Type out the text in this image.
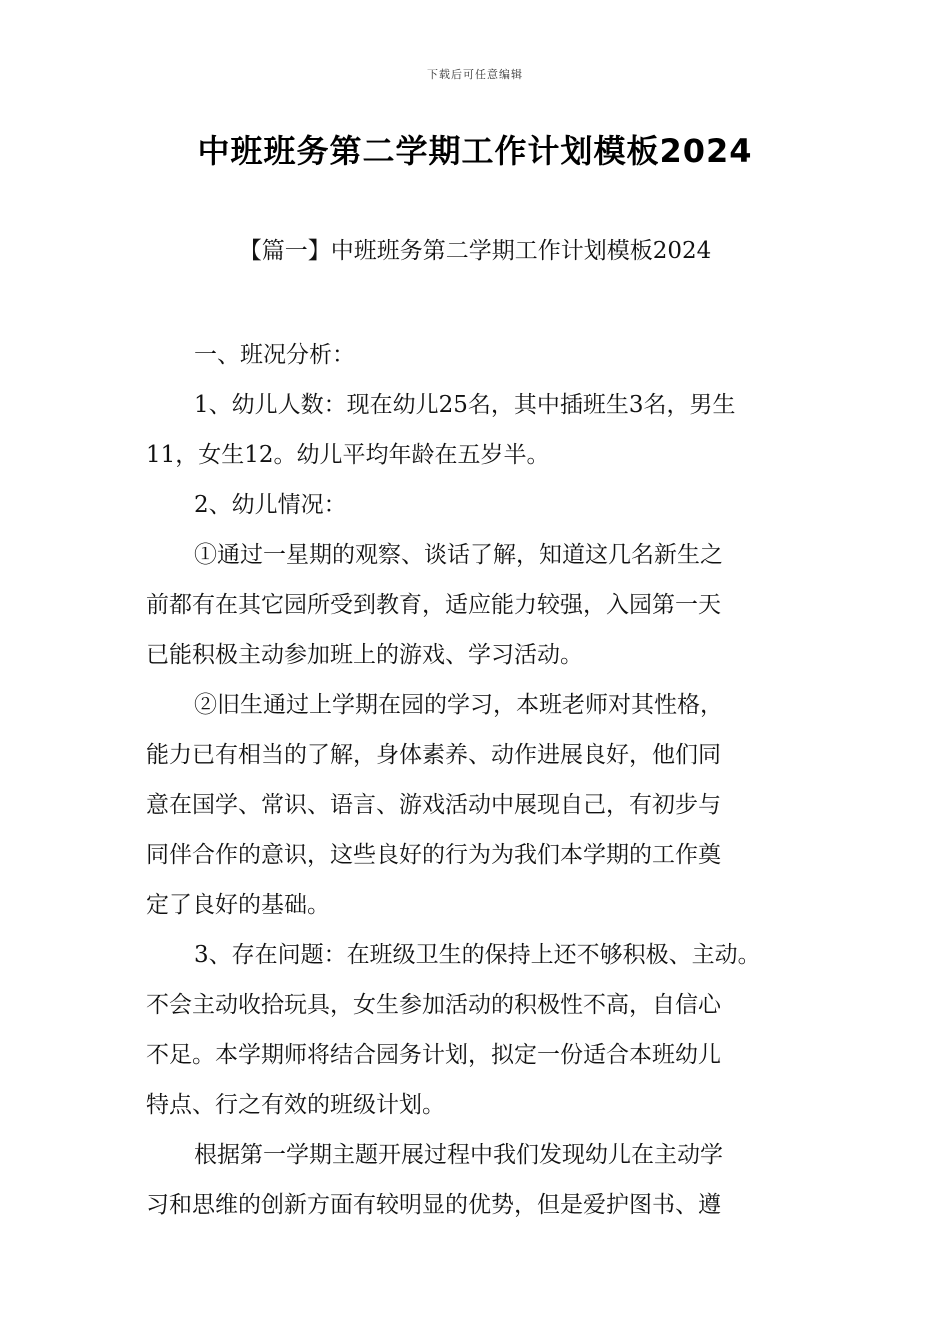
下载后可任意编辑
中班班务第二学期工作计划模板2024
【篇一】中班班务第二学期工作计划模板2024
一、班况分析：
1、幼儿人数：现在幼儿25名，其中插班生3名，男生
11，女生12。幼儿平均年龄在五岁半。
2、幼儿情况：
①通过一星期的观察、谈话了解，知道这几名新生之
前都有在其它园所受到教育，适应能力较强，入园第一天
已能积极主动参加班上的游戏、学习活动。
②旧生通过上学期在园的学习，本班老师对其性格，
能力已有相当的了解，身体素养、动作进展良好，他们同
意在国学、常识、语言、游戏活动中展现自己，有初步与
同伴合作的意识，这些良好的行为为我们本学期的工作奠
定了良好的基础。
3、存在问题：在班级卫生的保持上还不够积极、主动。
不会主动收拾玩具，女生参加活动的积极性不高，自信心
不足。本学期师将结合园务计划，拟定一份适合本班幼儿
特点、行之有效的班级计划。
根据第一学期主题开展过程中我们发现幼儿在主动学
习和思维的创新方面有较明显的优势，但是爱护图书、遵
